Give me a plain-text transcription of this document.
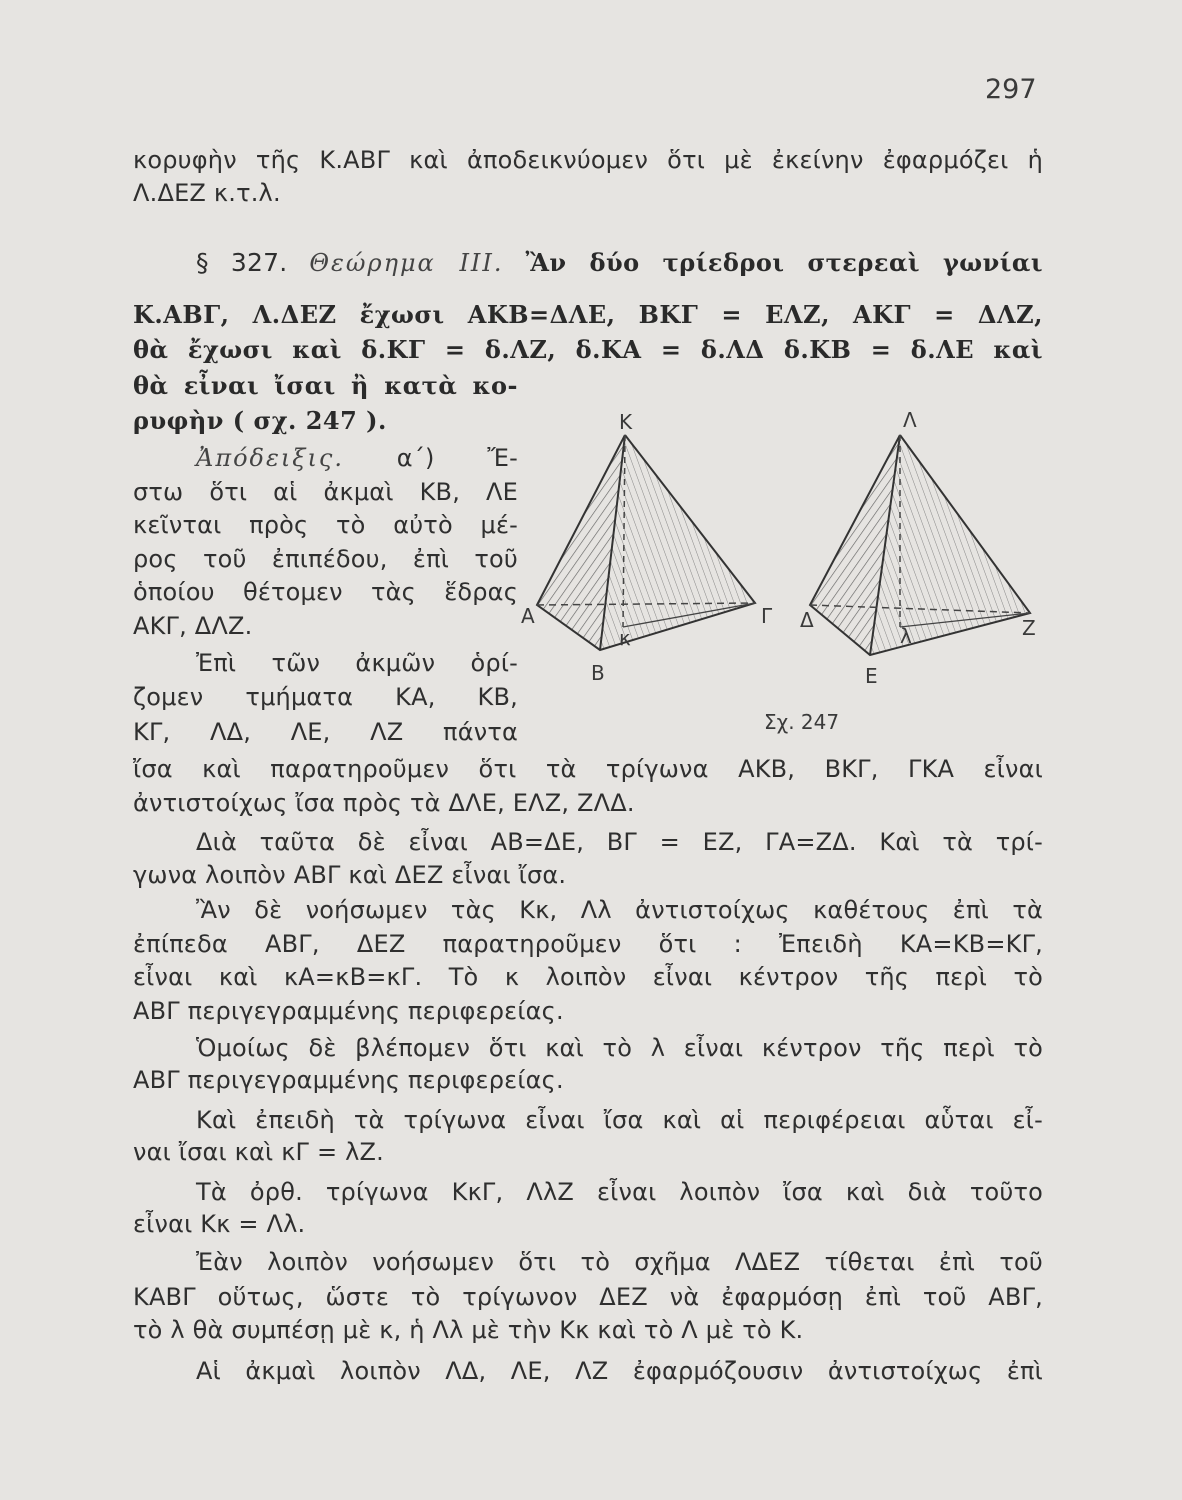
297

κορυφὴν τῆς Κ.ΑΒΓ καὶ ἀποδεικνύομεν ὅτι μὲ ἐκείνην ἐφαρμόζει ἡ

Λ.ΔΕΖ κ.τ.λ.

§ 327. Θεώρημα III. Ἂν δύο τρίεδροι στερεαὶ γωνίαι

Κ.ΑΒΓ, Λ.ΔΕΖ ἔχωσι ΑΚΒ=ΔΛΕ, ΒΚΓ = ΕΛΖ, ΑΚΓ = ΔΛΖ,

θὰ ἔχωσι καὶ δ.ΚΓ = δ.ΛΖ, δ.ΚΑ = δ.ΛΔ δ.ΚΒ = δ.ΛΕ καὶ

θὰ εἶναι ἴσαι ἢ κατὰ κο-

ρυφὴν ( σχ. 247 ).

Ἀπόδειξις. α΄) Ἔ-

στω ὅτι αἱ ἀκμαὶ ΚΒ, ΛΕ

κεῖνται πρὸς τὸ αὐτὸ μέ-

ρος τοῦ ἐπιπέδου, ἐπὶ τοῦ

ὁποίου θέτομεν τὰς ἕδρας

ΑΚΓ, ΔΛΖ.

Ἐπὶ τῶν ἀκμῶν ὁρί-

ζομεν τμήματα ΚΑ, ΚΒ,

ΚΓ, ΛΔ, ΛΕ, ΛΖ πάντα

ἴσα καὶ παρατηροῦμεν ὅτι τὰ τρίγωνα ΑΚΒ, ΒΚΓ, ΓΚΑ εἶναι

ἀντιστοίχως ἴσα πρὸς τὰ ΔΛΕ, ΕΛΖ, ΖΛΔ.

Διὰ ταῦτα δὲ εἶναι ΑΒ=ΔΕ, ΒΓ = ΕΖ, ΓΑ=ΖΔ. Καὶ τὰ τρί-

γωνα λοιπὸν ΑΒΓ καὶ ΔΕΖ εἶναι ἴσα.

Ἂν δὲ νοήσωμεν τὰς Κκ, Λλ ἀντιστοίχως καθέτους ἐπὶ τὰ

ἐπίπεδα ΑΒΓ, ΔΕΖ παρατηροῦμεν ὅτι : Ἐπειδὴ ΚΑ=ΚΒ=ΚΓ,

εἶναι καὶ κΑ=κΒ=κΓ. Τὸ κ λοιπὸν εἶναι κέντρον τῆς περὶ τὸ

ΑΒΓ περιγεγραμμένης περιφερείας.

Ὁμοίως δὲ βλέπομεν ὅτι καὶ τὸ λ εἶναι κέντρον τῆς περὶ τὸ

ΑΒΓ περιγεγραμμένης περιφερείας.

Καὶ ἐπειδὴ τὰ τρίγωνα εἶναι ἴσα καὶ αἱ περιφέρειαι αὗται εἶ-

ναι ἴσαι καὶ κΓ = λΖ.

Τὰ ὀρθ. τρίγωνα ΚκΓ, ΛλΖ εἶναι λοιπὸν ἴσα καὶ διὰ τοῦτο

εἶναι Κκ = Λλ.

Ἐὰν λοιπὸν νοήσωμεν ὅτι τὸ σχῆμα ΛΔΕΖ τίθεται ἐπὶ τοῦ

ΚΑΒΓ οὕτως, ὥστε τὸ τρίγωνον ΔΕΖ νὰ ἐφαρμόσῃ ἐπὶ τοῦ ΑΒΓ,

τὸ λ θὰ συμπέσῃ μὲ κ, ἡ Λλ μὲ τὴν Κκ καὶ τὸ Λ μὲ τὸ Κ.

Αἱ ἀκμαὶ λοιπὸν ΛΔ, ΛΕ, ΛΖ ἐφαρμόζουσιν ἀντιστοίχως ἐπὶ

Κ
Α
Β
Γ
κ
Λ
Δ
Ε
Ζ
λ
Σχ. 247
